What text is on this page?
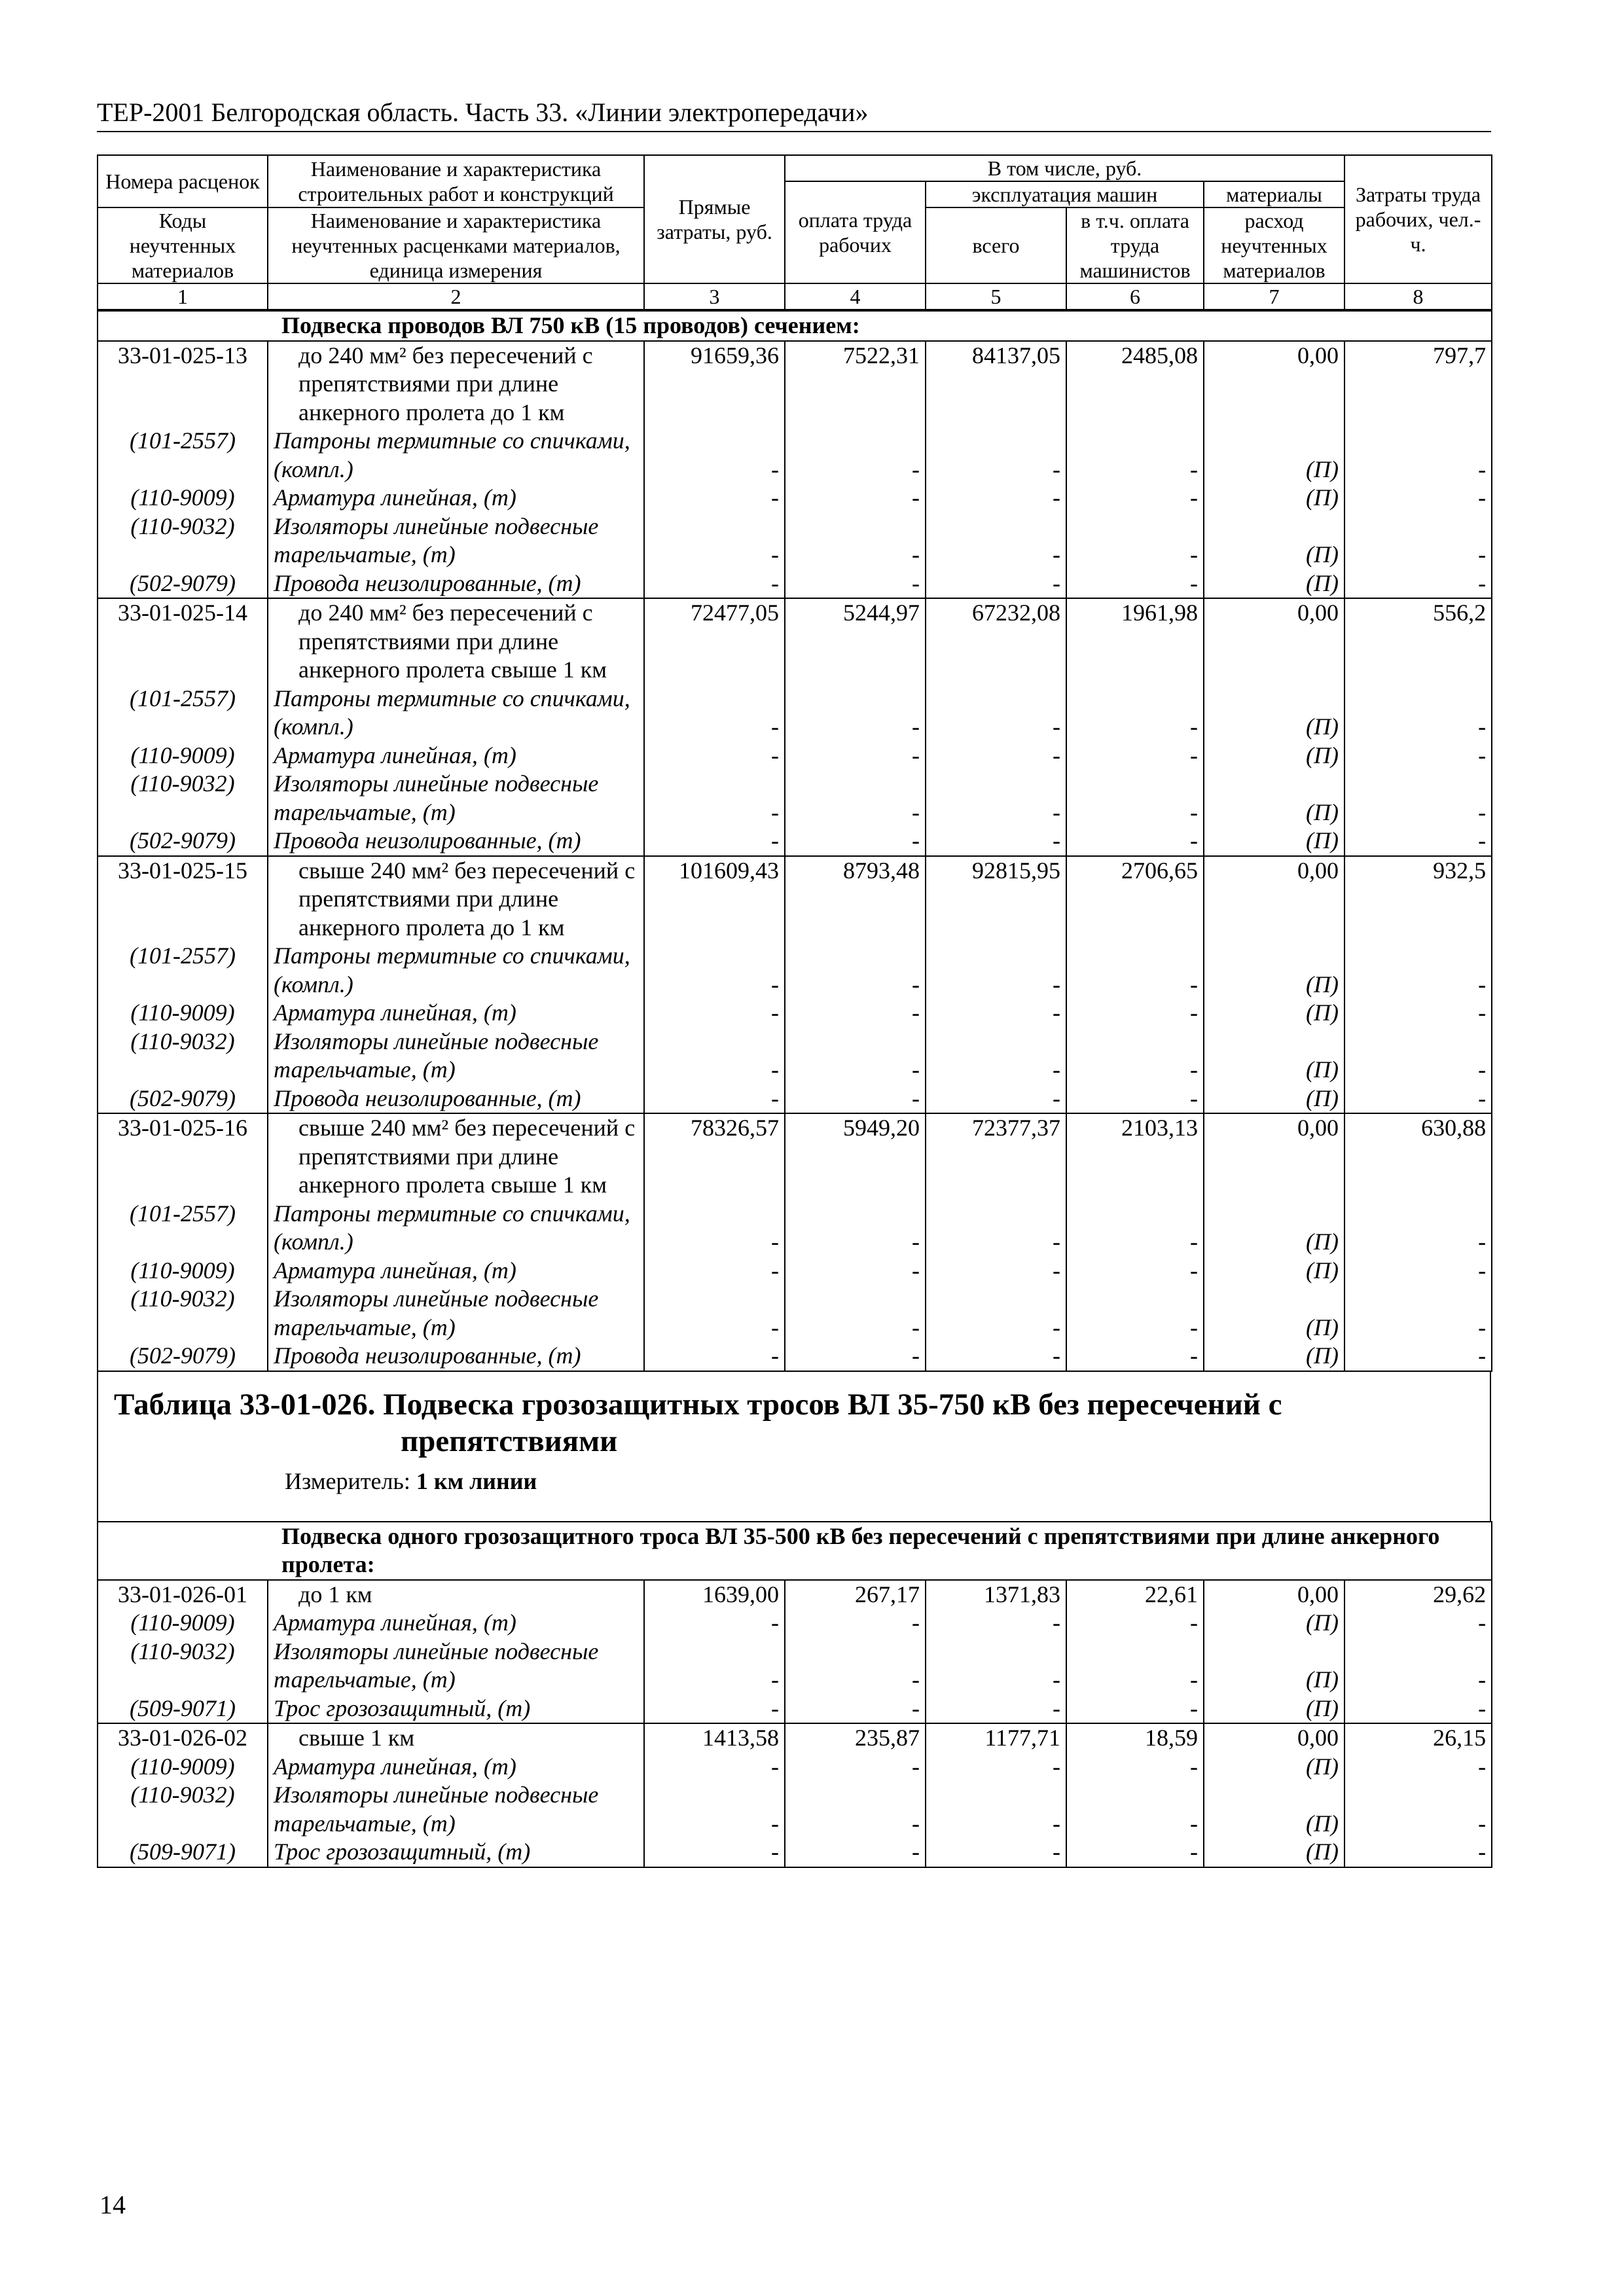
ТЕР-2001 Белгородская область. Часть 33. «Линии электропередачи»
Номера расценок	Наименование и характеристика строительных работ и конструкций	Прямые затраты, руб.	В том числе, руб.				Затраты труда рабочих, чел.-ч.
			оплата труда рабочих	эксплуатация машин		материалы	
Коды неучтенных материалов	Наименование и характеристика неучтенных расценками материалов, единица измерения			всего	в т.ч. оплата труда машинистов	расход неучтенных материалов	

1	2	3	4	5	6	7	8
Подвеска проводов ВЛ 750 кВ (15 проводов) сечением:							
33-01-025-13	до 240 мм² без пересечений с препятствиями при длине анкерного пролета до 1 км	91659,36	7522,31	84137,05	2485,08	0,00	797,7
(101-2557)	Патроны термитные со спичками, (компл.)	-	-	-	-	(П)	-
(110-9009)	Арматура линейная, (т)	-	-	-	-	(П)	-
(110-9032)	Изоляторы линейные подвесные тарельчатые, (т)	-	-	-	-	(П)	-
(502-9079)	Провода неизолированные, (т)	-	-	-	-	(П)	-
33-01-025-14	до 240 мм² без пересечений с препятствиями при длине анкерного пролета свыше 1 км	72477,05	5244,97	67232,08	1961,98	0,00	556,2
(101-2557)	Патроны термитные со спичками, (компл.)	-	-	-	-	(П)	-
(110-9009)	Арматура линейная, (т)	-	-	-	-	(П)	-
(110-9032)	Изоляторы линейные подвесные тарельчатые, (т)	-	-	-	-	(П)	-
(502-9079)	Провода неизолированные, (т)	-	-	-	-	(П)	-
33-01-025-15	свыше 240 мм² без пересечений с препятствиями при длине анкерного пролета до 1 км	101609,43	8793,48	92815,95	2706,65	0,00	932,5
(101-2557)	Патроны термитные со спичками, (компл.)	-	-	-	-	(П)	-
(110-9009)	Арматура линейная, (т)	-	-	-	-	(П)	-
(110-9032)	Изоляторы линейные подвесные тарельчатые, (т)	-	-	-	-	(П)	-
(502-9079)	Провода неизолированные, (т)	-	-	-	-	(П)	-
33-01-025-16	свыше 240 мм² без пересечений с препятствиями при длине анкерного пролета свыше 1 км	78326,57	5949,20	72377,37	2103,13	0,00	630,88
(101-2557)	Патроны термитные со спичками, (компл.)	-	-	-	-	(П)	-
(110-9009)	Арматура линейная, (т)	-	-	-	-	(П)	-
(110-9032)	Изоляторы линейные подвесные тарельчатые, (т)	-	-	-	-	(П)	-
(502-9079)	Провода неизолированные, (т)	-	-	-	-	(П)	-
Таблица 33-01-026. Подвеска грозозащитных тросов ВЛ 35-750 кВ без пересечений с
препятствиями
Измеритель: 1 км линии
Подвеска одного грозозащитного троса ВЛ 35-500 кВ без пересечений с препятствиями при длине анкерного пролета:							
33-01-026-01	до 1 км	1639,00	267,17	1371,83	22,61	0,00	29,62
(110-9009)	Арматура линейная, (т)	-	-	-	-	(П)	-
(110-9032)	Изоляторы линейные подвесные тарельчатые, (т)	-	-	-	-	(П)	-
(509-9071)	Трос грозозащитный, (т)	-	-	-	-	(П)	-
33-01-026-02	свыше 1 км	1413,58	235,87	1177,71	18,59	0,00	26,15
(110-9009)	Арматура линейная, (т)	-	-	-	-	(П)	-
(110-9032)	Изоляторы линейные подвесные тарельчатые, (т)	-	-	-	-	(П)	-
(509-9071)	Трос грозозащитный, (т)	-	-	-	-	(П)	-
14
